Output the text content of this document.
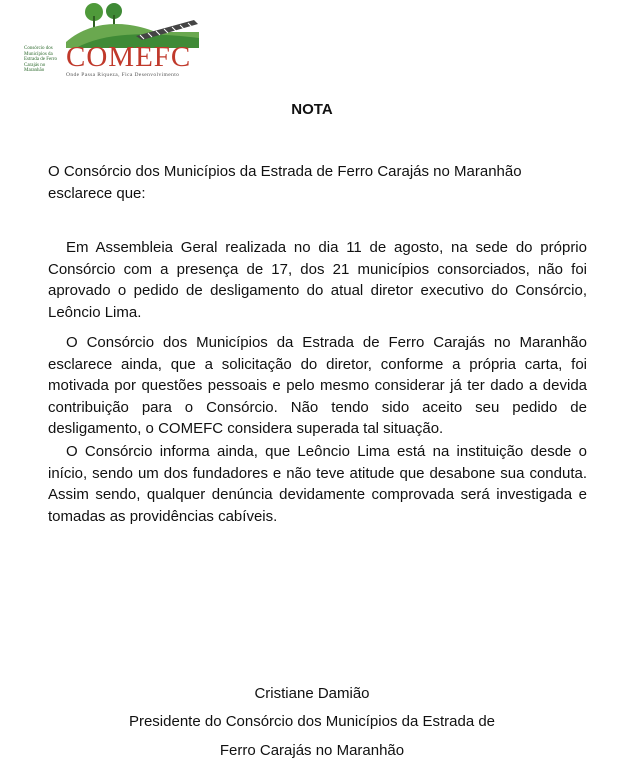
Consórcio dos Municípios da Estrada de Ferro Carajás no Maranhão COMEFC
Onde Passa Riqueza, Fica Desenvolvimento
NOTA
O Consórcio dos Municípios da Estrada de Ferro Carajás no Maranhão esclarece que:

Em Assembleia Geral realizada no dia 11 de agosto, na sede do próprio Consórcio com a presença de 17, dos 21 municípios consorciados, não foi aprovado o pedido de desligamento do atual diretor executivo do Consórcio, Leôncio Lima.

O Consórcio dos Municípios da Estrada de Ferro Carajás no Maranhão esclarece ainda, que a solicitação do diretor, conforme a própria carta, foi motivada por questões pessoais e pelo mesmo considerar já ter dado a devida contribuição para o Consórcio. Não tendo sido aceito seu pedido de desligamento, o COMEFC considera superada tal situação.

O Consórcio informa ainda, que Leôncio Lima está na instituição desde o início, sendo um dos fundadores e não teve atitude que desabone sua conduta. Assim sendo, qualquer denúncia devidamente comprovada será investigada e tomadas as providências cabíveis.

Cristiane Damião
Presidente do Consórcio dos Municípios da Estrada de
Ferro Carajás no Maranhão
